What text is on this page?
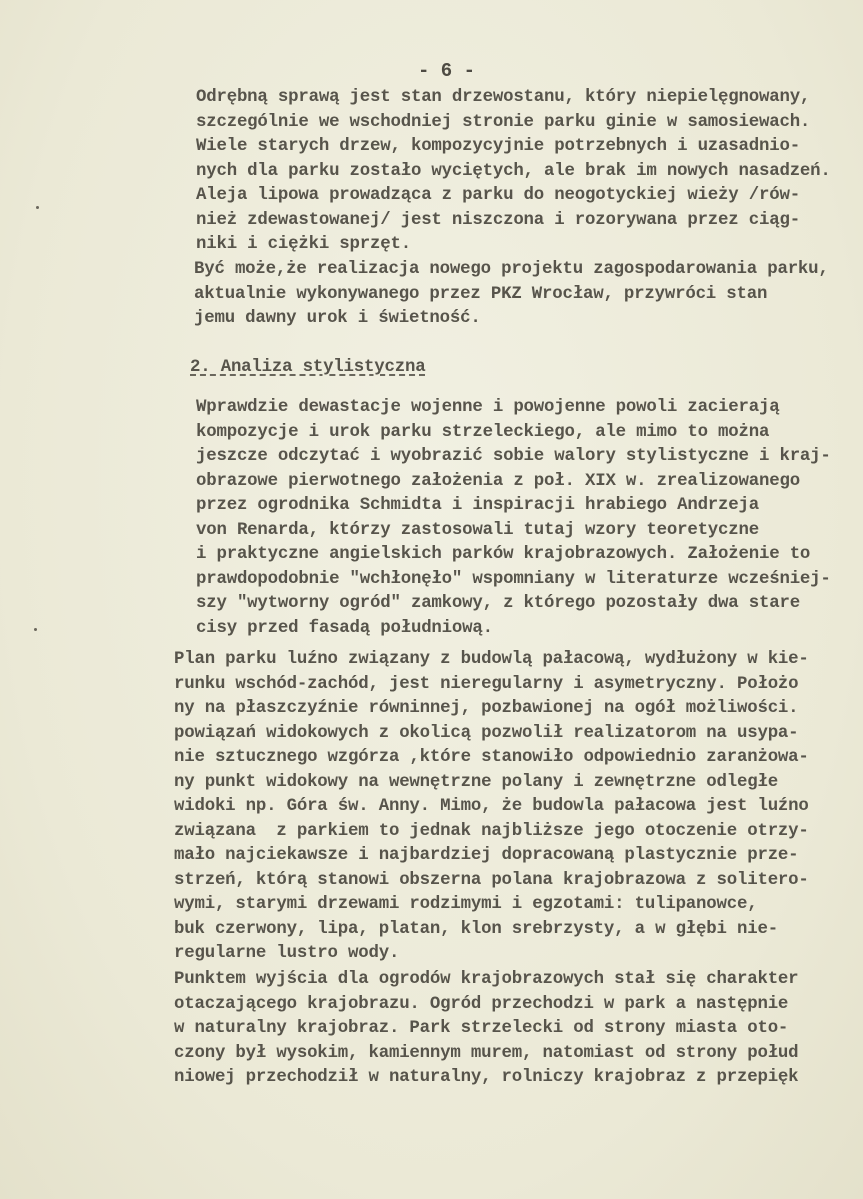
- 6 -
2. Analiza stylistyczna
Odrębną sprawą jest stan drzewostanu, który niepielęgnowany,
szczególnie we wschodniej stronie parku ginie w samosiewach.
Wiele starych drzew, kompozycyjnie potrzebnych i uzasadnio-
nych dla parku zostało wyciętych, ale brak im nowych nasadzeń.
Aleja lipowa prowadząca z parku do neogotyckiej wieży /rów-
nież zdewastowanej/ jest niszczona i rozorywana przez ciąg-
niki i ciężki sprzęt.
Być może,że realizacja nowego projektu zagospodarowania parku,
aktualnie wykonywanego przez PKZ Wrocław, przywróci stan
jemu dawny urok i świetność.
Wprawdzie dewastacje wojenne i powojenne powoli zacierają
kompozycje i urok parku strzeleckiego, ale mimo to można
jeszcze odczytać i wyobrazić sobie walory stylistyczne i kraj-
obrazowe pierwotnego założenia z poł. XIX w. zrealizowanego
przez ogrodnika Schmidta i inspiracji hrabiego Andrzeja
von Renarda, którzy zastosowali tutaj wzory teoretyczne
i praktyczne angielskich parków krajobrazowych. Założenie to
prawdopodobnie "wchłonęło" wspomniany w literaturze wcześniej-
szy "wytworny ogród" zamkowy, z którego pozostały dwa stare
cisy przed fasadą południową.
Plan parku luźno związany z budowlą pałacową, wydłużony w kie-
runku wschód-zachód, jest nieregularny i asymetryczny. Położo
ny na płaszczyźnie równinnej, pozbawionej na ogół możliwości.
powiązań widokowych z okolicą pozwolił realizatorom na usypa-
nie sztucznego wzgórza ,które stanowiło odpowiednio zaranżowa-
ny punkt widokowy na wewnętrzne polany i zewnętrzne odległe
widoki np. Góra św. Anny. Mimo, że budowla pałacowa jest luźno
związana  z parkiem to jednak najbliższe jego otoczenie otrzy-
mało najciekawsze i najbardziej dopracowaną plastycznie prze-
strzeń, którą stanowi obszerna polana krajobrazowa z solitero-
wymi, starymi drzewami rodzimymi i egzotami: tulipanowce,
buk czerwony, lipa, platan, klon srebrzysty, a w głębi nie-
regularne lustro wody.
Punktem wyjścia dla ogrodów krajobrazowych stał się charakter
otaczającego krajobrazu. Ogród przechodzi w park a następnie
w naturalny krajobraz. Park strzelecki od strony miasta oto-
czony był wysokim, kamiennym murem, natomiast od strony połud
niowej przechodził w naturalny, rolniczy krajobraz z przepięk
